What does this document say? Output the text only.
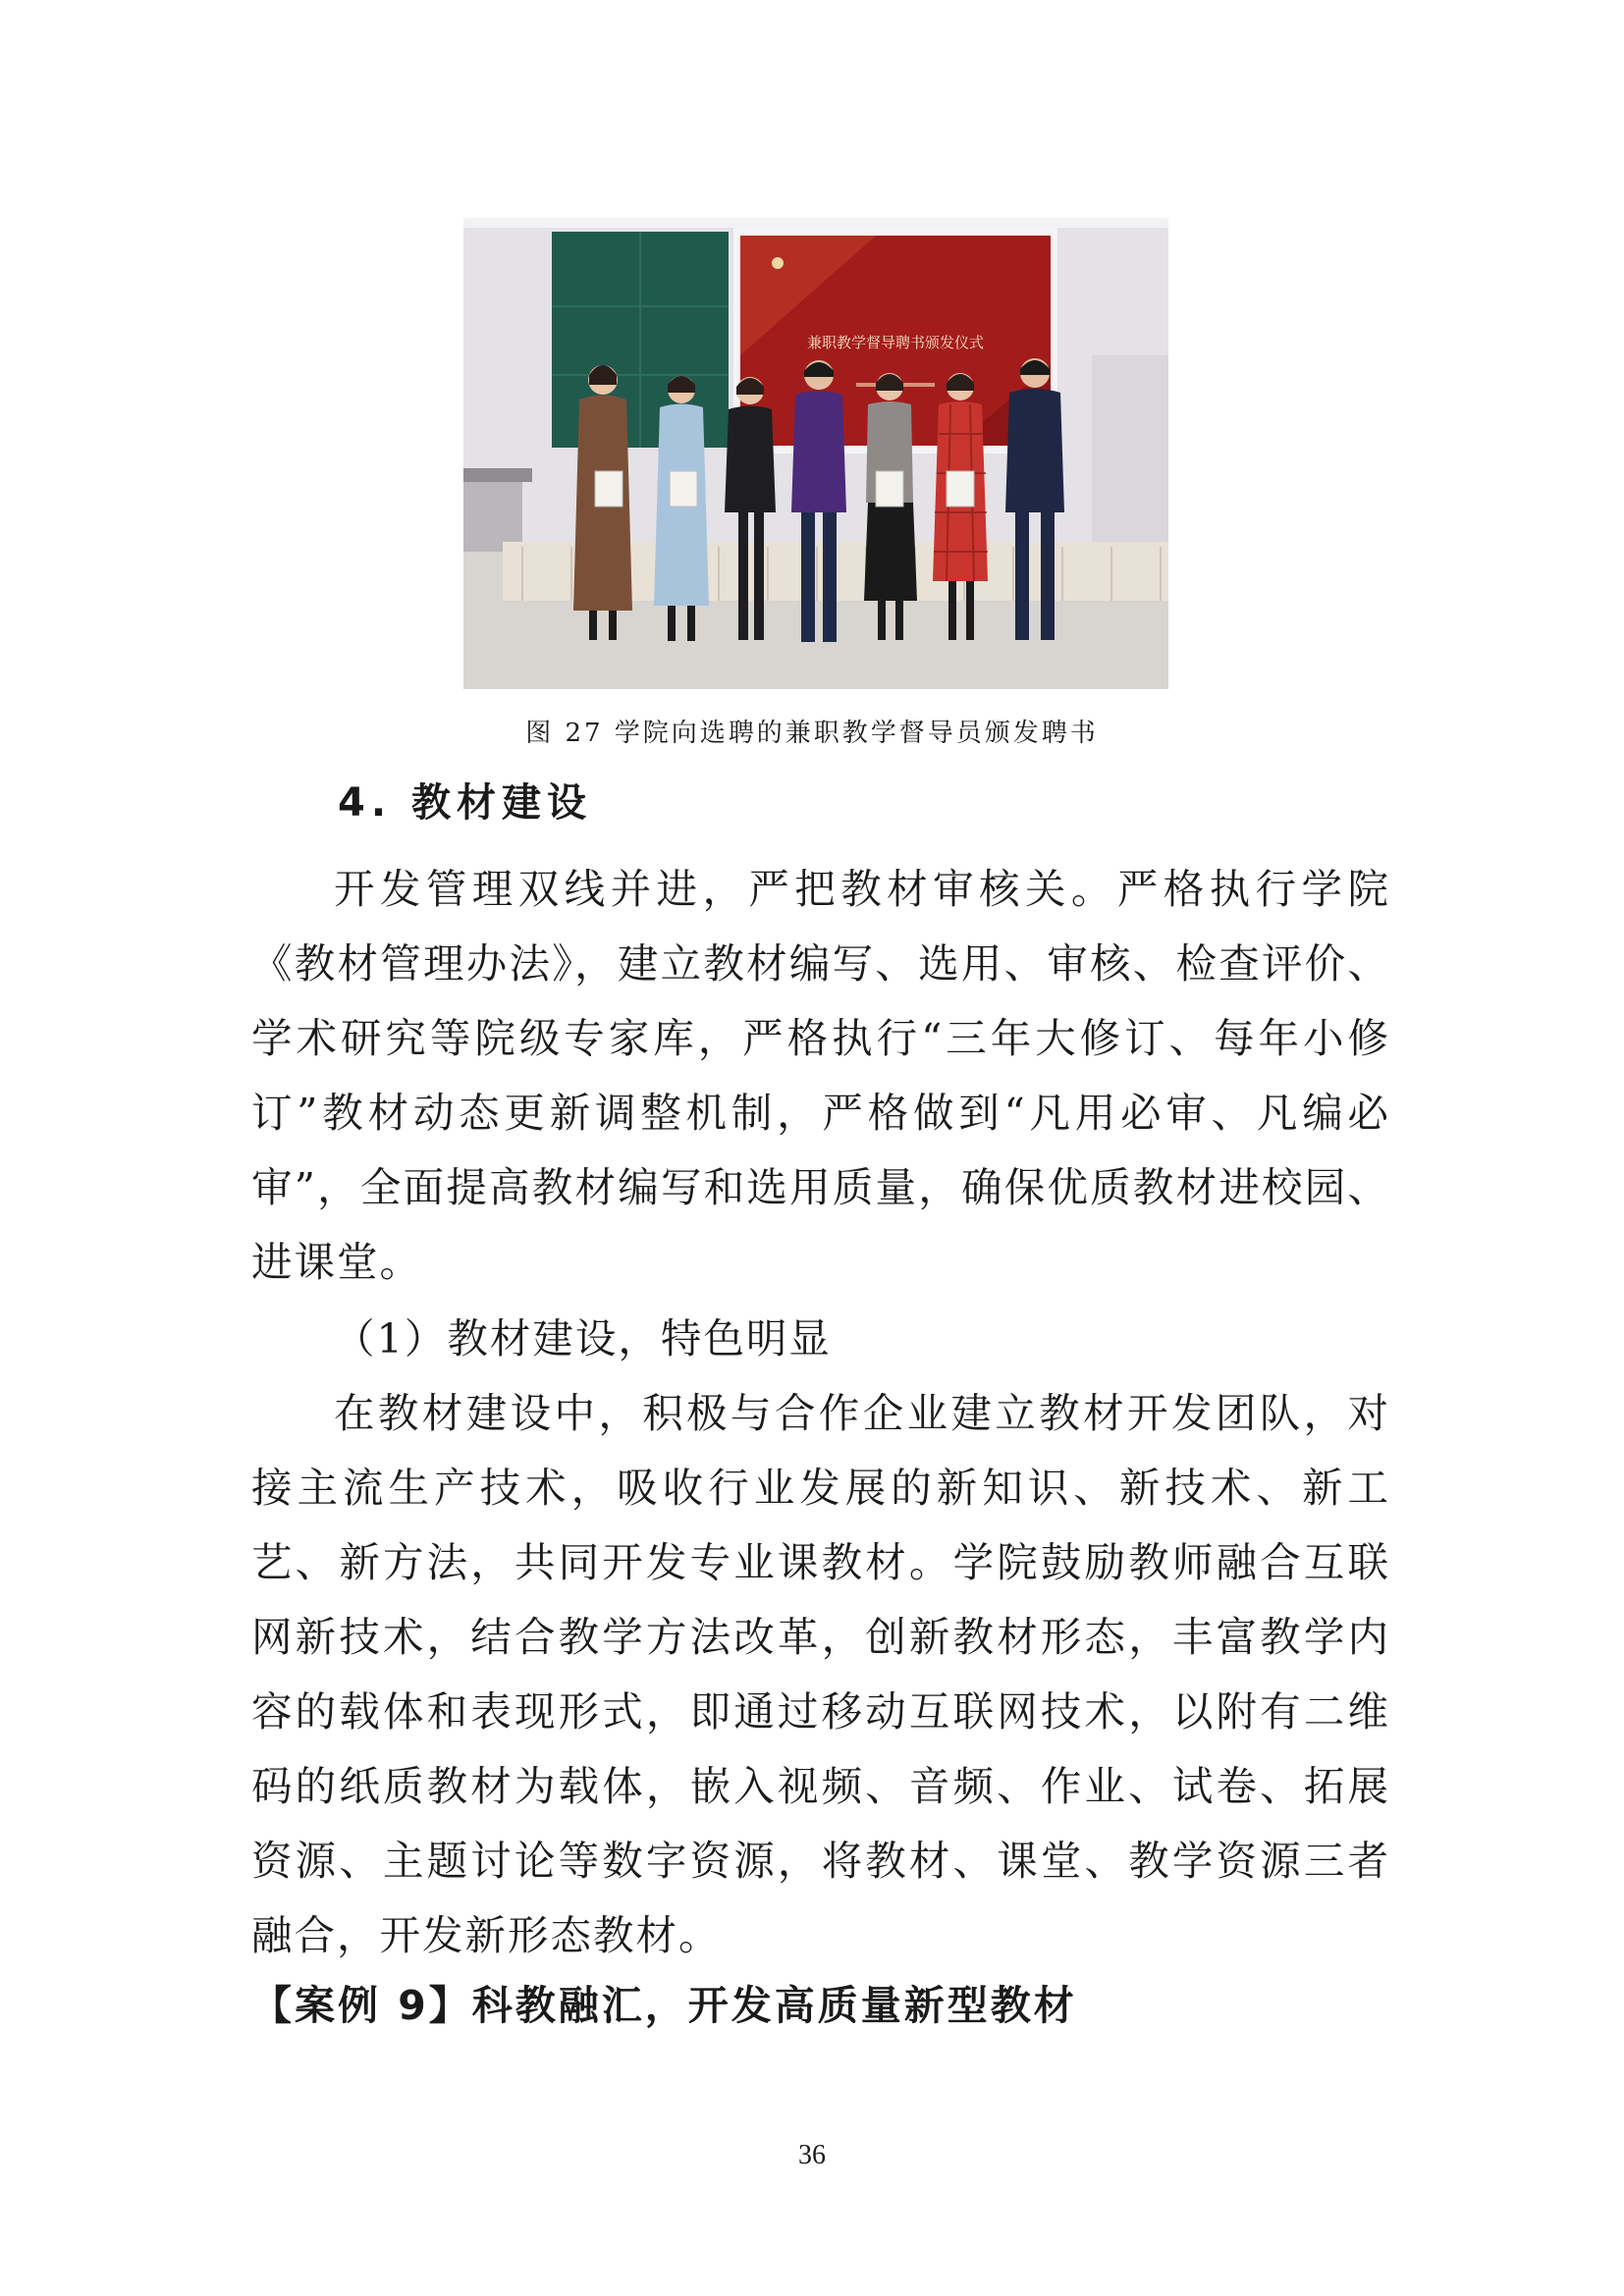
兼职教学督导聘书颁发仪式
图 27 学院向选聘的兼职教学督导员颁发聘书
4. 教材建设

开发管理双线并进，严把教材审核关。严格执行学院《教材管理办法》，建立教材编写、选用、审核、检查评价、学术研究等院级专家库，严格执行“三年大修订、每年小修订”教材动态更新调整机制，严格做到“凡用必审、凡编必审”，全面提高教材编写和选用质量，确保优质教材进校园、进课堂。

（1）教材建设，特色明显

在教材建设中，积极与合作企业建立教材开发团队，对接主流生产技术，吸收行业发展的新知识、新技术、新工艺、新方法，共同开发专业课教材。学院鼓励教师融合互联网新技术，结合教学方法改革，创新教材形态，丰富教学内容的载体和表现形式，即通过移动互联网技术，以附有二维码的纸质教材为载体，嵌入视频、音频、作业、试卷、拓展资源、主题讨论等数字资源，将教材、课堂、教学资源三者融合，开发新形态教材。

【案例 9】科教融汇，开发高质量新型教材
36
